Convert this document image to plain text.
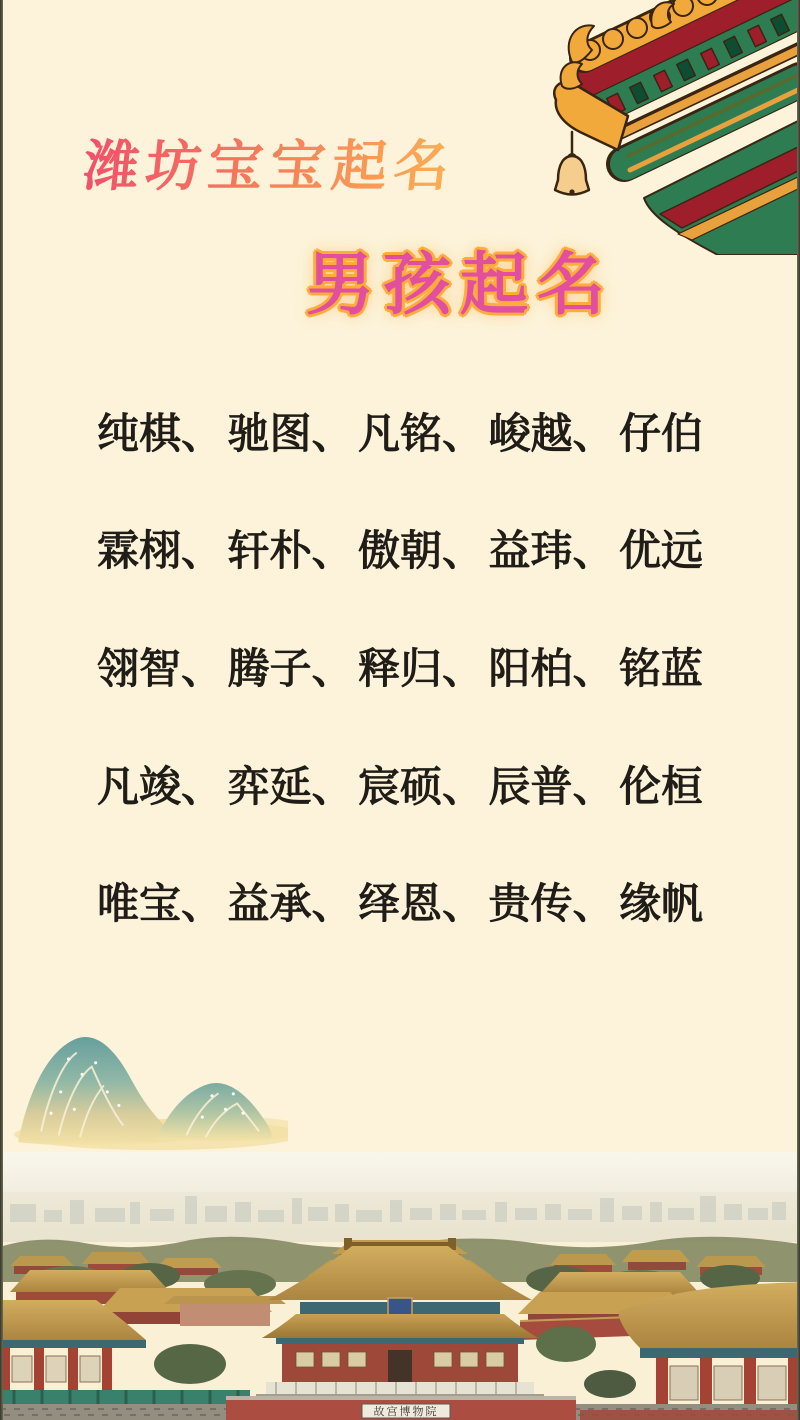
潍坊宝宝起名
男孩起名
纯棋、 驰图、 凡铭、 峻越、 仔伯
霖栩、 轩朴、 傲朝、 益玮、 优远
翎智、 腾子、 释归、 阳柏、 铭蓝
凡竣、 弈延、 宸硕、 辰普、 伦桓
唯宝、 益承、 绎恩、 贵传、 缘帆
故宫博物院
